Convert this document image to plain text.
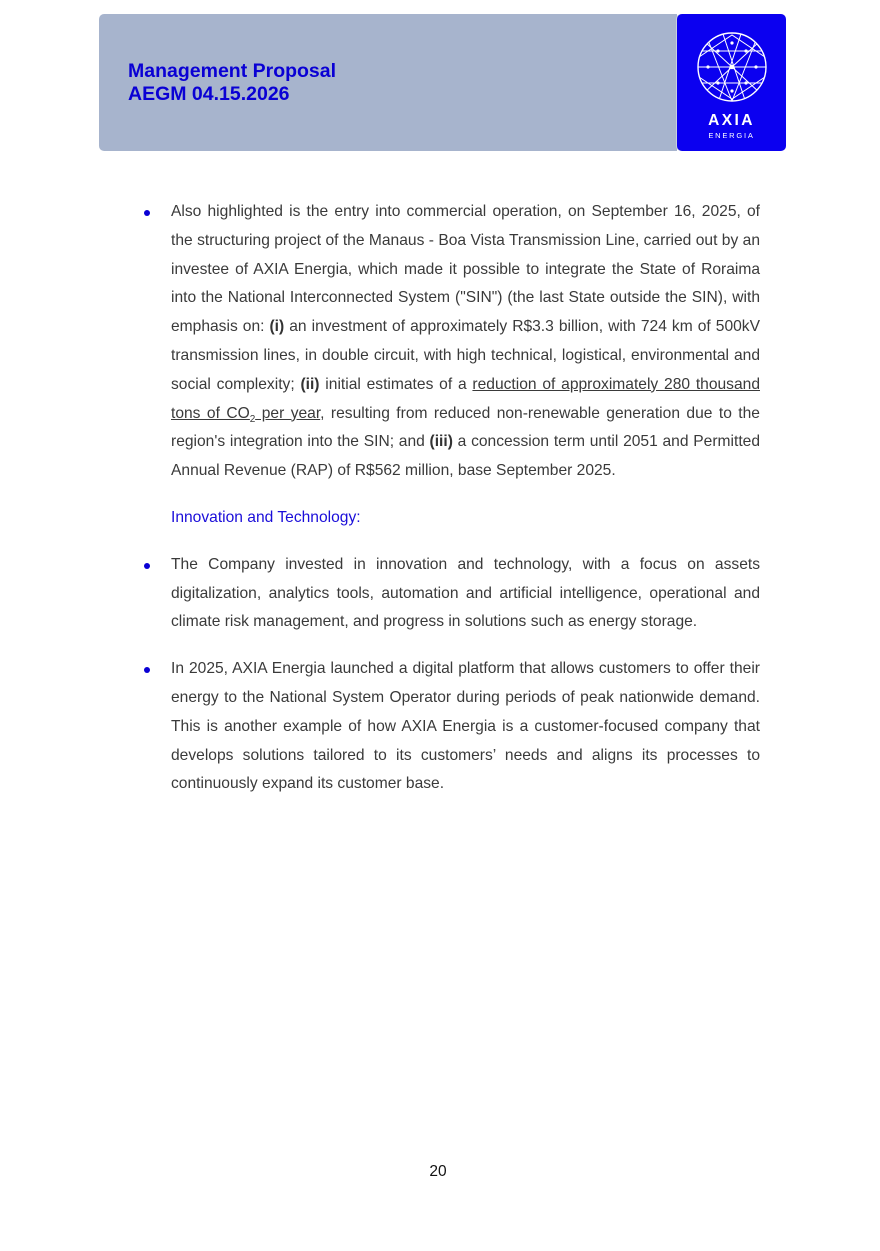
Management Proposal
AEGM 04.15.2026
AXIA
ENERGIA

Also highlighted is the entry into commercial operation, on September 16, 2025, of the structuring project of the Manaus - Boa Vista Transmission Line, carried out by an investee of AXIA Energia, which made it possible to integrate the State of Roraima into the National Interconnected System ("SIN") (the last State outside the SIN), with emphasis on: (i) an investment of approximately R$3.3 billion, with 724 km of 500kV transmission lines, in double circuit, with high technical, logistical, environmental and social complexity; (ii) initial estimates of a reduction of approximately 280 thousand tons of $CO_2$ per year, resulting from reduced non-renewable generation due to the region's integration into the SIN; and (iii) a concession term until 2051 and Permitted Annual Revenue (RAP) of R$562 million, base September 2025.

Innovation and Technology:

The Company invested in innovation and technology, with a focus on assets digitalization, analytics tools, automation and artificial intelligence, operational and climate risk management, and progress in solutions such as energy storage.

In 2025, AXIA Energia launched a digital platform that allows customers to offer their energy to the National System Operator during periods of peak nationwide demand. This is another example of how AXIA Energia is a customer-focused company that develops solutions tailored to its customers’ needs and aligns its processes to continuously expand its customer base.

20
